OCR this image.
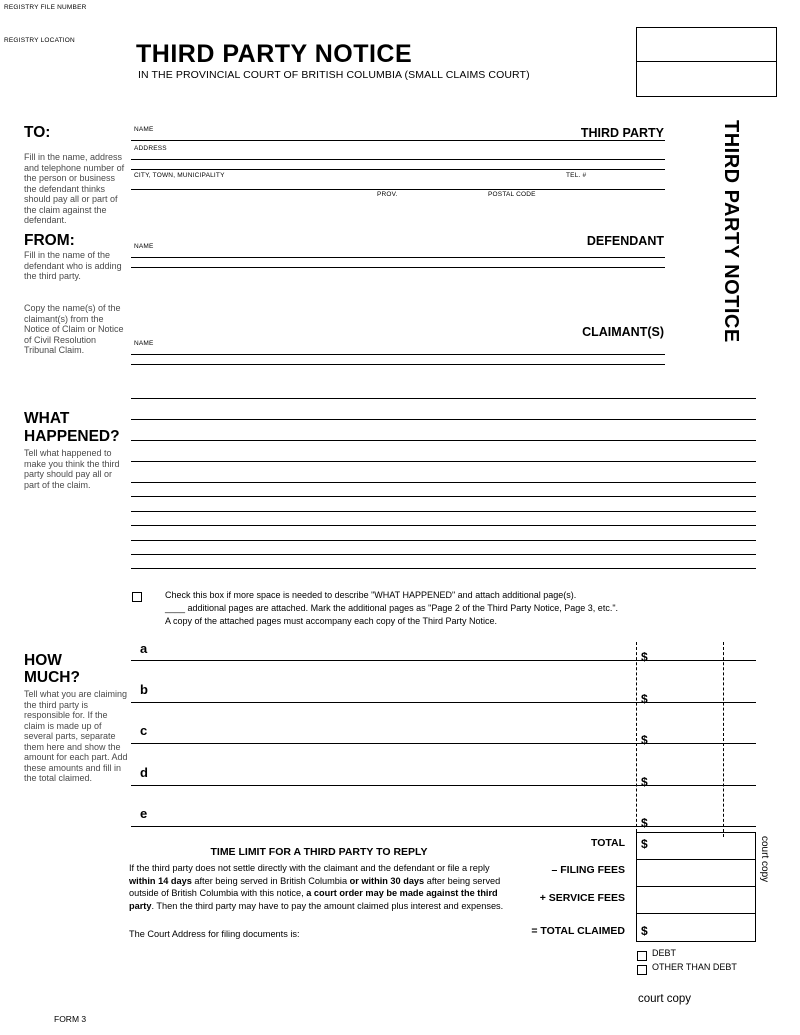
THIRD PARTY NOTICE
IN THE PROVINCIAL COURT OF BRITISH COLUMBIA (SMALL CLAIMS COURT)
REGISTRY FILE NUMBER
REGISTRY LOCATION
THIRD PARTY NOTICE
court copy
TO:
Fill in the name, address and telephone number of the person or business the defendant thinks should pay all or part of the claim against the defendant.
THIRD PARTY
NAME
ADDRESS
CITY, TOWN, MUNICIPALITY	TEL. #
PROV.	POSTAL CODE
FROM:
Fill in the name of the defendant who is adding the third party.
DEFENDANT
NAME
Copy the name(s) of the claimant(s) from the Notice of Claim or Notice of Civil Resolution Tribunal Claim.
CLAIMANT(S)
NAME
WHAT
HAPPENED?
Tell what happened to make you think the third party should pay all or part of the claim.
Check this box if more space is needed to describe "WHAT HAPPENED" and attach additional page(s).
____ additional pages are attached. Mark the additional pages as "Page 2 of the Third Party Notice, Page 3, etc.".
A copy of the attached pages must accompany each copy of the Third Party Notice.
HOW
MUCH?
Tell what you are claiming the third party is responsible for. If the claim is made up of several parts, separate them here and show the amount for each part. Add these amounts and fill in the total claimed.
a
$
b
$
c
$
d
$
e
$
TOTAL $
– FILING FEES
+ SERVICE FEES
= TOTAL CLAIMED $
DEBT
OTHER THAN DEBT
TIME LIMIT FOR A THIRD PARTY TO REPLY
If the third party does not settle directly with the claimant and the defendant or file a reply within 14 days after being served in British Columbia or within 30 days after being served outside of British Columbia with this notice, a court order may be made against the third party. Then the third party may have to pay the amount claimed plus interest and expenses.
The Court Address for filing documents is:
FORM 3
court copy
